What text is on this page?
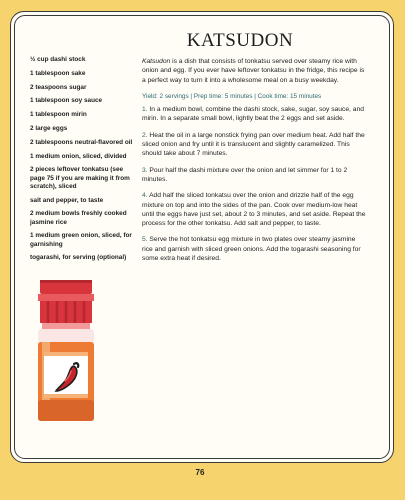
KATSUDON
½ cup dashi stock
1 tablespoon sake
2 teaspoons sugar
1 tablespoon soy sauce
1 tablespoon mirin
2 large eggs
2 tablespoons neutral-flavored oil
1 medium onion, sliced, divided
2 pieces leftover tonkatsu (see page 75 if you are making it from scratch), sliced
salt and pepper, to taste
2 medium bowls freshly cooked jasmine rice
1 medium green onion, sliced, for garnishing
togarashi, for serving (optional)

Katsudon is a dish that consists of tonkatsu served over steamy rice with onion and egg. If you ever have leftover tonkatsu in the fridge, this recipe is a perfect way to turn it into a wholesome meal on a busy weekday.

Yield: 2 servings | Prep time: 5 minutes | Cook time: 15 minutes

1. In a medium bowl, combine the dashi stock, sake, sugar, soy sauce, and mirin. In a separate small bowl, lightly beat the 2 eggs and set aside.

2. Heat the oil in a large nonstick frying pan over medium heat. Add half the sliced onion and fry until it is translucent and slightly caramelized. This should take about 7 minutes.

3. Pour half the dashi mixture over the onion and let simmer for 1 to 2 minutes.

4. Add half the sliced tonkatsu over the onion and drizzle half of the egg mixture on top and into the sides of the pan. Cook over medium-low heat until the eggs have just set, about 2 to 3 minutes, and set aside. Repeat the process for the other tonkatsu. Add salt and pepper, to taste.

5. Serve the hot tonkatsu egg mixture in two plates over steamy jasmine rice and garnish with sliced green onions. Add the togarashi seasoning for some extra heat if desired.

76
